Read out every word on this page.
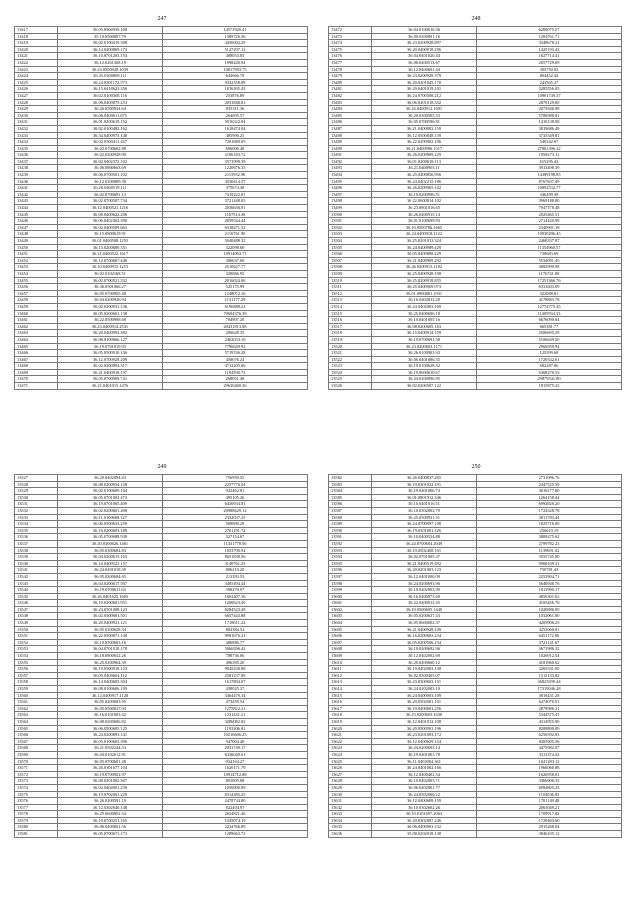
247
13417	56.05.8504930.108	14571920.41
13418	35.19.0500897.79	1389726.36
13419	36.02.0100419.308	4456002.29
13420	36.14.0400869.173	5127297.12
13421	36.10.8701203.154	408053.85
13422	36.12.0261368.19	1998240.94
13423	36.23.8500928.1039	10817993.75
13424	36.35.0200869.111	643666.78
13425	36.24.0501172.573	9432358.08
13426	36.15.6418623.356	1816395.43
13427	36.02.0100508.116	253876.89
13428	36.06.0400875.253	2031848.81
13429	36.26.0500934.64	835311.36
13430	36.06.0400611.675	264695.57
13431	36.01.0200619.152	5016322.84
13432	36.02.0100482.162	1618474.04
13433	36.34.0400975.148	405990.25
13434	36.02.0500411.447	7201689.05
13435	36.02.0700602.88	696006.48
13436	36.02.0200928.90	2186183.72
13437	36.02.0402372.102	3571999.39
13438	36.06.0800663.69	1220676.35
13439	36.06.0700501.102	2115952.96
13440	36.12.0200889.58	4530414.57
13441	36.20.0400519.111	375674.38
13442	36.02.0700691.13	7419222.81
13443	36.02.0700507.734	3721448.05
13444	36.12.0400521.1216	2036636.81
13445	36.08.0400622.206	1167514.38
13446	36.06.0402362.390	2059544.44
13447	36.02.0400509.663	6318471.52
13448	36.15.0800619.91	2116761.90
13449	36.01.0400508.1255	5040488.32
13450	36.15.0200680.351	322098.60
13451	36.21.0400522.1617	10914063.71
13452	36.12.0700667.446	306637.60
13453	36.10.0400915.1215	2510627.77
13454	36.02.0102168.51	320066.95
13455	36.02.0700521.332	2016024.06
13456	36.36.0501066.27	525175.99
13457	36.05.0700905.48	1248072.16
13458	36.04.0200926.94	1131177.29
13459	36.02.0200931.136	6196888.23
13460	36.05.0200601.138	70604376.39
13461	36.22.0500908.68	704907.20
13462	36.23.0400914.2531	20431813.88
13463	36.20.0400992.382	296628.35
13464	36.08.0100866.127	2402033.10
13465	36.19.0701019.93	7796649.92
13466	36.05.0500910.136	5719746.28
13467	36.12.0700928.209	450076.24
13468	36.02.0200894.317	4712205.06
13469	36.21.0400918.197	1194590.73
13470	36.05.0700909.741	268051.48
13471	36.21.0401015.1476	29630460.36
248
13472	36.04.0100616.56	6200075.57
13473	36.09.0200891.16	1204761.71
13474	36.23.0200928.897	3348678.21
13475	36.20.0400918.296	1425193.43
13476	36.04.0401020.44	1827714.41
13477	36.06.0400513.67	2057729.69
13478	36.12.0400601.44	305750.03
13479	36.23.0200928.379	864452.44
13480	36.20.0201045.170	243565.27
13481	36.20.0401019.101	3285556.05
13482	36.24.0700508.212	10901749.37
13483	36.06.0401018.332	2879129.80
13484	36.24.0400912.1691	2073946.98
13485	36.20.0300505.53	5786988.81
13486	36.05.0700596.81	1410138.08
13487	36.21.0400903.159	3819686.49
13488	36.12.0500848.139	3735349.81
13489	36.22.0200902.196	540342.67
13490	36.21.0400996.1517	27861396.32
13491	36.26.0200909.229	1958273.11
13492	36.01.0200618.113	615295.42
13493	36.21.0400903.11	3913498.39
13494	36.25.0400856.956	14389198.85
13495	36.24.0402215.186	8767637.49
13496	36.26.0200965.102	16892532.77
13497	36.10.0200996.51	346499.39
13498	36.22.0600814.102	3969188.80
13499	36.23.0801016.65	7947578.48
13500	36.26.0400515.14	2025465.51
13501	36.01.0100699.93	2714420.99
13502	36.10.0500786.1665	2340901.18
13503	36.24.0400918.1122	10930296.45
13504	36.25.0201013.324	2460337.87
13505	36.24.0400989.429	11354960.57
13506	36.05.0400888.229	730683.69
13507	36.21.0400909.292	5534091.45
13508	36.26.0200913.1182	3682990.98
13509	36.25.0400928.198	1176741.80
13510	36.25.0200918.855	17251366.76
13511	36.25.0400969.973	6331603.09
13512	36.01.0900881.1931	322088.81
13513	36.16.0402011.28	4178883.78
13514	36.24.0402003.169	12774775.45
13515	36.25.0400606.18	11405934.33
13516	36.10.0401005.16	6676090.84
13517	36.08.0200605.163	665381.77
13518	36.15.0400914.159	2506695.29
13519	36.19.0700691.58	5106649.50
13520	36.23.0200603.1171	2966959.94
13521	36.26.0100903.93	125599.68
13522	36.06.0401006.35	1720332.01
13523	36.19.0100628.32	682287.06
13524	36.19.0600610.67	6368270.53
13525	36.24.0200896.95	29879541.80
13526	36.02.0200507.122	1815875.22
249
13527	36.20.0402094.63	756959.55
13528	36.08.0200954.128	2257776.54
13529	36.02.0100609.164	932462.81
13530	36.05.0701002.473	495105.26
13531	36.19.0701005.409	6436934.81
13532	36.02.0200601.408	20988629.12
13533	36.11.0100668.127	2332037.25
13534	36.06.0500633.259	509890.29
13535	36.16.0200603.188	2701191.72
13536	36.05.0700688.938	527154.67
13537	36.20.0300626.1461	11431778.56
13538	36.05.0300684.83	1053790.94
13539	36.04.0200615.163	8651838.56
13540	36.10.0400521.157	3140761.25
13541	36.24.0401018.39	806210.20
13542	36.05.0300604.65	213393.53
13543	36.04.0200617.567	3485494.44
13544	36.19.0700611.63	398270.97
13545	36.26.0401625.1605	1602407.16
13546	36.10.0200601.951	1200623.49
13547	36.23.0501008.123	8284523.28
13548	36.02.0500601.501	6657443.88
13549	36.20.0400921.121	1718611.22
13550	36.05.0200628.34	804384.52
13551	36.22.0500871.140	9981676.31
13552	36.10.0500603.16	406886.77
13553	36.04.0701010.178	5066596.42
13554	36.18.0800632.26	788736.06
13555	36.25.0200964.39	496395.20
13556	36.19.0500918.123	9945230.88
13557	36.05.0400604.112	2581237.89
13558	36.14.0400605.304	1617804.07
13559	36.08.0100606.109	438025.37
13560	36.12.0400917.1128	3464479.34
13561	36.05.0200603.95	473459.54
13562	36.05.0500637.94	1275822.21
13563	36.16.0101003.42	1231431.21
13564	36.08.0200606.82	3286082.82
13565	36.06.0500605.125	1193306.81
13566	36.24.0200893.141	10216606.25
13567	36.05.0100605.396	947004.40
13568	36.21.0502244.53	2031749.17
13569	36.04.0102612.91	6326040.61
13570	36.05.0700601.48	934164.27
13571	36.26.0101677.104	1620171.79
13572	36.19.0700902.97	10914712.88
13573	36.08.0201002.367	801805.88
13574	36.02.0404001.239	1056906.89
13575	36.19.0702001.229	8314385.25
13576	36.26.0200591.19	2478734.80
13577	36.12.0302640.148	822404.97
13578	36.25.0600002.54	2654821.26
13579	36.10.0700251.165	1345074.19
13580	36.06.0400601.56	2234766.89
13581	36.05.0700671.173	1289663.72
250
13582	36.26.0400837.265	2731096.76
13583	36.19.0301032.191	2447525.59
13584	36.19.0401006.74	4016177.80
13585	36.01.0801912.346	1264158.44
13586	36.10.0401016.51	6992826.20
13587	36.10.0502002.79	1724328.78
13588	36.25.0500931.51	3811783.44
13589	36.24.0700997.108	1825716.00
13590	36.19.0301001.126	256610.19
13591	36.10.0400524.88	3009275.62
13592	36.24.0700604.2049	2799782.23
13593	36.19.0502408.101	1139691.02
13594	36.02.0701005.37	3555745.80
13595	36.21.0400519.492	9968169.31
13596	36.20.0201003.123	750781.43
13597	36.12.0401000.09	2253904.71
13598	36.24.0200693.96	5646946.76
13599	36.19.0402003.90	1813990.17
13600	36.16.0400973.69	4856301.62
13601	36.22.0400912.45	4105456.76
13602	36.19.0500605.1440	1020886.09
13603	36.05.0200627.43	1032061.80
13604	36.05.0600602.37	4205906.25
13605	36.21.0400928.109	4252060.81
13606	36.16.0200603.234	6451172.86
13607	36.05.0200506.234	3721141.67
13608	36.19.0200692.96	3671986.32
13609	36.12.0402002.69	1026912.54
13610	36.20.0400660.12	4181960.62
13611	36.19.0402003.138	3265531.00
13612	36.02.0500405.07	1512133.02
13613	36.23.0500603.101	36823939.44
13614	36.24.0202003.10	17319046.28
13615	36.24.0400903.109	3810431.28
13616	36.20.0502001.101	6474070.91
13617	36.19.0400601.256	2879986.31
13618	36.23.0200603.1438	5344575.41
13619	36.12.0401012.108	4314955.90
13620	36.20.0500501.196	8288890.09
13621	36.23.0201003.172	6256592.03
13622	36.12.0400629.154	8405905.56
13623	36.24.0200603.14	4475982.07
13624	36.19.0401003.78	3313374.42
13625	36.11.0402004.361	1041283.12
13626	36.24.0401002.166	1966060.88
13627	36.12.0400402.54	1626958.01
13628	36.10.0402003.71	3466906.52
13629	36.06.0402001.77	6094805.25
13630	36.24.0502006.22	1104036.83
13631	36.12.0400608.159	1701149.48
13632	36.10.0302602.26	2065049.21
13633	36.10.0101607.2063	1709917.82
13634	36.20.0302807.246	1729463.60
13635	36.06.0400903.132	2915268.04
13636	35.08.0202018.138	3846105.12
